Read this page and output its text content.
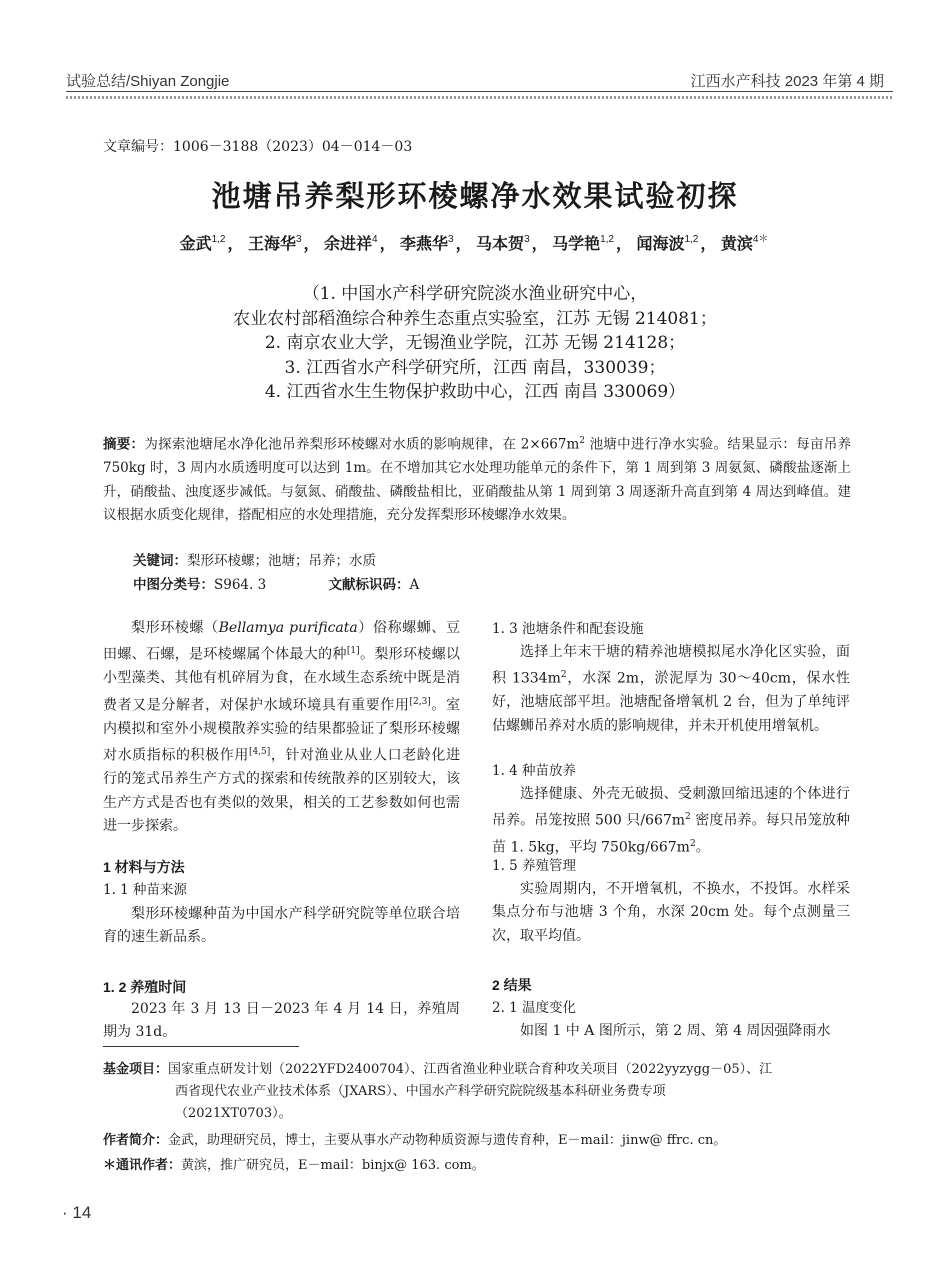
试验总结/Shiyan Zongjie	江西水产科技 2023 年第 4 期
文章编号：1006－3188（2023）04－014－03
池塘吊养梨形环棱螺净水效果试验初探
金武$^{1,2}$ ， 王海华$^3$ ， 余进祥$^4$ ， 李燕华$^3$ ， 马本贺$^3$ ， 马学艳$^{1,2}$ ， 闻海波$^{1,2}$ ， 黄滨$^{4*}$
（1. 中国水产科学研究院淡水渔业研究中心，
农业农村部稻渔综合种养生态重点实验室，江苏 无锡 214081；
2. 南京农业大学，无锡渔业学院，江苏 无锡 214128；
3. 江西省水产科学研究所，江西 南昌，330039；
4. 江西省水生生物保护救助中心，江西 南昌 330069）
摘要：为探索池塘尾水净化池吊养梨形环棱螺对水质的影响规律，在 $2\times 667m^2$ 池塘中进行净水实验。结果显示：每亩吊养 750kg 时，3 周内水质透明度可以达到 1m。在不增加其它水处理功能单元的条件下，第 1 周到第 3 周氨氮、磷酸盐逐渐上升，硝酸盐、浊度逐步减低。与氨氮、硝酸盐、磷酸盐相比，亚硝酸盐从第 1 周到第 3 周逐渐升高直到第 4 周达到峰值。建议根据水质变化规律，搭配相应的水处理措施，充分发挥梨形环棱螺净水效果。
关键词：梨形环棱螺；池塘；吊养；水质
中图分类号：S964. 3	文献标识码：A

梨形环棱螺（Bellamya purificata）俗称螺蛳、豆田螺、石螺，是环棱螺属个体最大的种[1]。梨形环棱螺以小型藻类、其他有机碎屑为食，在水域生态系统中既是消费者又是分解者，对保护水域环境具有重要作用[2,3]。室内模拟和室外小规模散养实验的结果都验证了梨形环棱螺对水质指标的积极作用[4,5]，针对渔业从业人口老龄化进行的笼式吊养生产方式的探索和传统散养的区别较大，该生产方式是否也有类似的效果，相关的工艺参数如何也需进一步探索。

1 材料与方法
1. 1 种苗来源

梨形环棱螺种苗为中国水产科学研究院等单位联合培育的速生新品系。

1. 2 养殖时间

2023 年 3 月 13 日－2023 年 4 月 14 日，养殖周期为 31d。

1. 3 池塘条件和配套设施

选择上年末干塘的精养池塘模拟尾水净化区实验，面积 $1334m^2$，水深 2m，淤泥厚为 30～40cm，保水性好，池塘底部平坦。池塘配备增氧机 2 台，但为了单纯评估螺蛳吊养对水质的影响规律，并未开机使用增氧机。

1. 4 种苗放养

选择健康、外壳无破损、受刺激回缩迅速的个体进行吊养。吊笼按照 500 只$/667m^2$ 密度吊养。每只吊笼放种苗 1. 5kg，平均 $750kg/667m^2$。

1. 5 养殖管理

实验周期内，不开增氧机，不换水，不投饵。水样采集点分布与池塘 3 个角，水深 20cm 处。每个点测量三次，取平均值。

2 结果
2. 1 温度变化

如图 1 中 A 图所示，第 2 周、第 4 周因强降雨水

基金项目：国家重点研发计划（2022YFD2400704）、江西省渔业种业联合育种攻关项目（2022yyzygg－05）、江
西省现代农业产业技术体系（JXARS）、中国水产科学研究院院级基本科研业务费专项
（2021XT0703）。
作者简介：金武，助理研究员，博士，主要从事水产动物种质资源与遗传育种，E－mail：jinw@ ffrc. cn。
＊通讯作者：黄滨，推广研究员，E－mail：binjx@ 163. com。
· 14
